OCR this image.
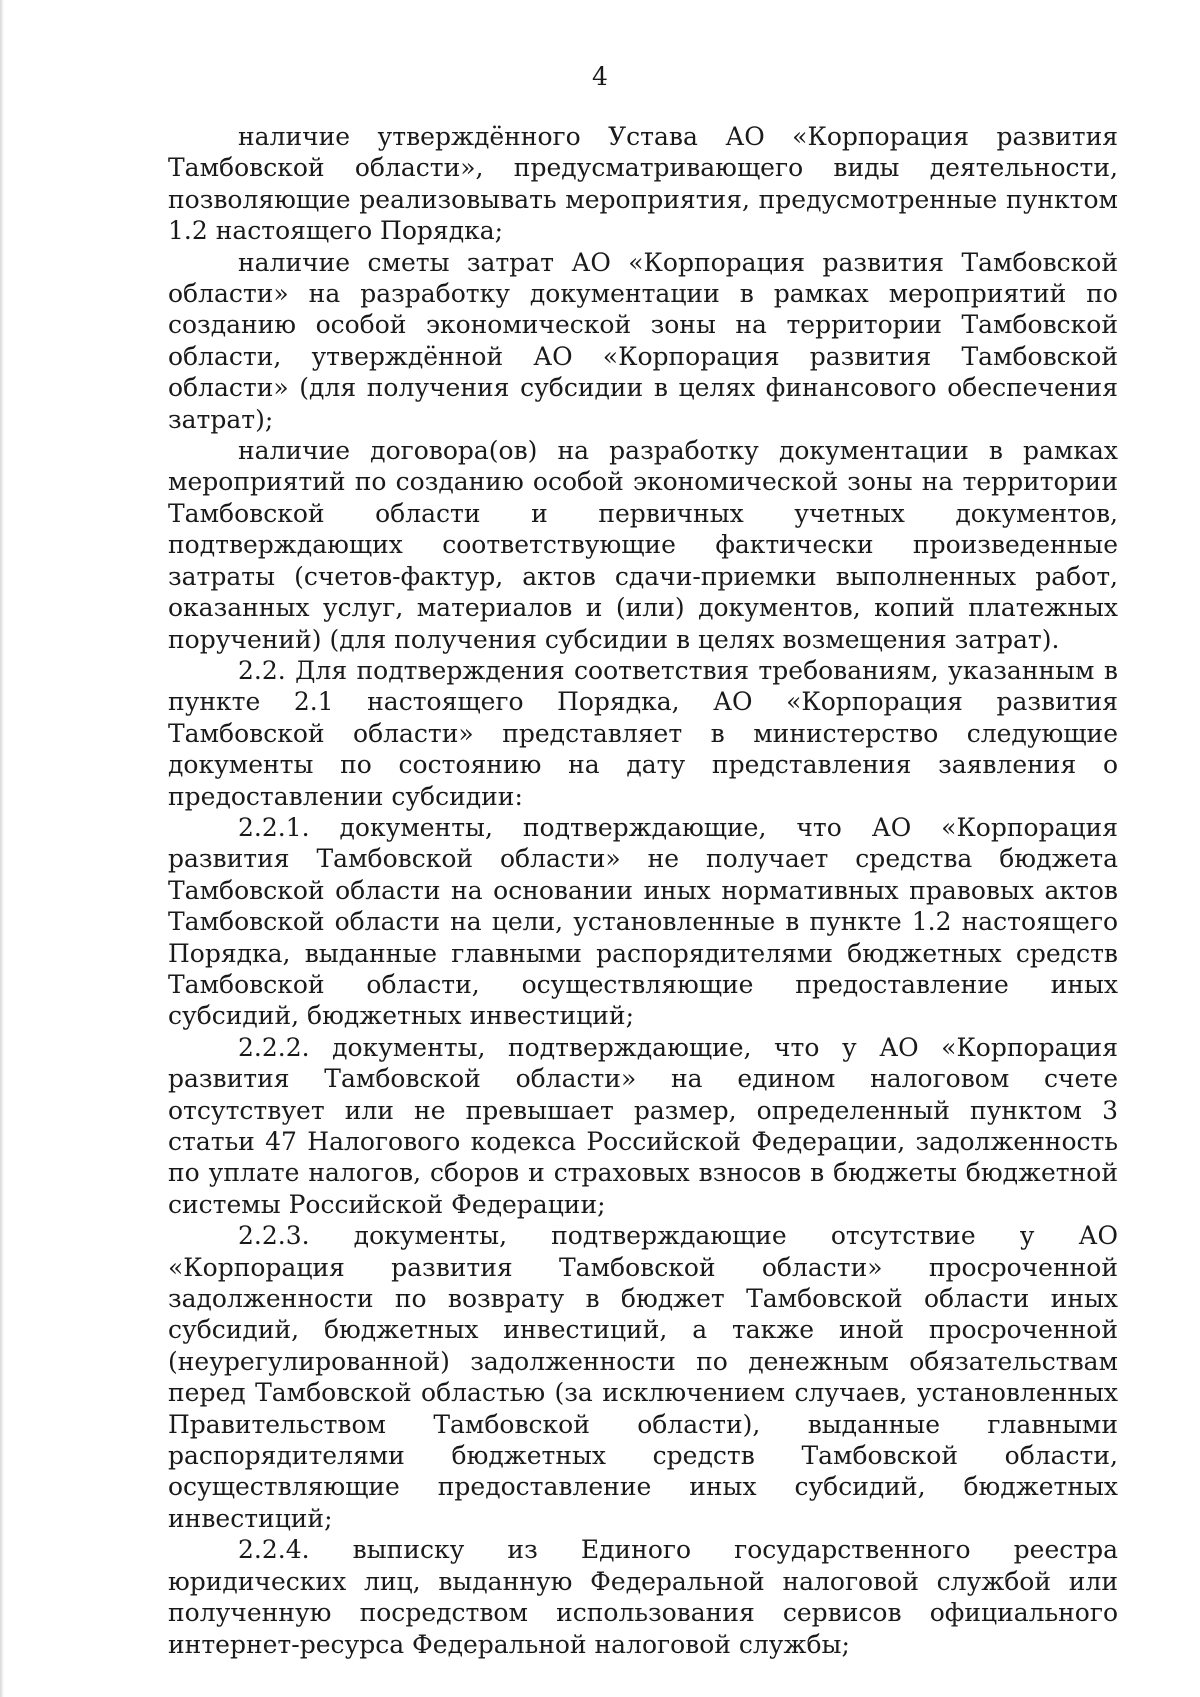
4

наличие утверждённого Устава АО «Корпорация развития Тамбовской области», предусматривающего виды деятельности, позволяющие реализовывать мероприятия, предусмотренные пунктом 1.2 настоящего Порядка;

наличие сметы затрат АО «Корпорация развития Тамбовской области» на разработку документации в рамках мероприятий по созданию особой экономической зоны на территории Тамбовской области, утверждённой АО «Корпорация развития Тамбовской области» (для получения субсидии в целях финансового обеспечения затрат);

наличие договора(ов) на разработку документации в рамках мероприятий по созданию особой экономической зоны на территории Тамбовской области и первичных учетных документов, подтверждающих соответствующие фактически произведенные затраты (счетов-фактур, актов сдачи-приемки выполненных работ, оказанных услуг, материалов и (или) документов, копий платежных поручений) (для получения субсидии в целях возмещения затрат).

2.2. Для подтверждения соответствия требованиям, указанным в пункте 2.1 настоящего Порядка, АО «Корпорация развития Тамбовской области» представляет в министерство следующие документы по состоянию на дату представления заявления о предоставлении субсидии:

2.2.1. документы, подтверждающие, что АО «Корпорация развития Тамбовской области» не получает средства бюджета Тамбовской области на основании иных нормативных правовых актов Тамбовской области на цели, установленные в пункте 1.2 настоящего Порядка, выданные главными распорядителями бюджетных средств Тамбовской области, осуществляющие предоставление иных субсидий, бюджетных инвестиций;

2.2.2. документы, подтверждающие, что у АО «Корпорация развития Тамбовской области» на едином налоговом счете отсутствует или не превышает размер, определенный пунктом 3 статьи 47 Налогового кодекса Российской Федерации, задолженность по уплате налогов, сборов и страховых взносов в бюджеты бюджетной системы Российской Федерации;

2.2.3. документы, подтверждающие отсутствие у АО «Корпорация развития Тамбовской области» просроченной задолженности по возврату в бюджет Тамбовской области иных субсидий, бюджетных инвестиций, а также иной просроченной (неурегулированной) задолженности по денежным обязательствам перед Тамбовской областью (за исключением случаев, установленных Правительством Тамбовской области), выданные главными распорядителями бюджетных средств Тамбовской области, осуществляющие предоставление иных субсидий, бюджетных инвестиций;

2.2.4. выписку из Единого государственного реестра юридических лиц, выданную Федеральной налоговой службой или полученную посредством использования сервисов официального интернет-ресурса Федеральной налоговой службы;
